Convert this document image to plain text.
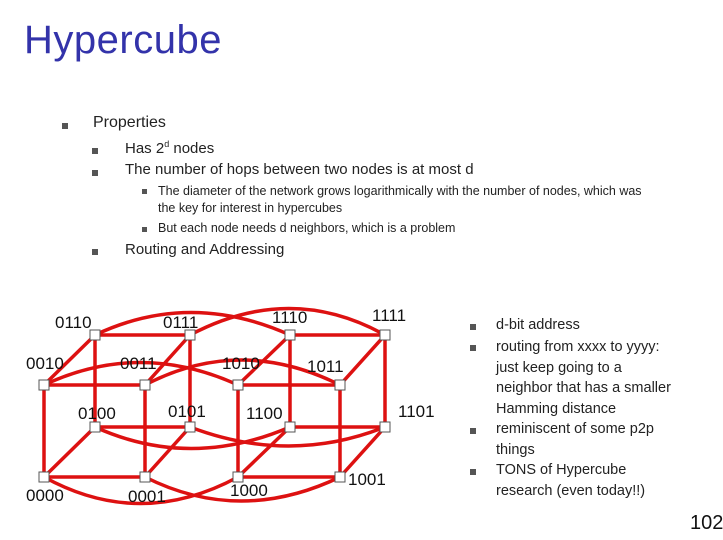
Hypercube
Properties
Has 2$^d$ nodes
The number of hops between two nodes is at most d
The diameter of the network grows logarithmically with the number of nodes, which was
the key for interest in hypercubes
But each node needs d neighbors, which is a problem
Routing and Addressing
0110	0111	1110	1111
0010	0011	1010	1011
0100	0101 1100	1101
0000	0001	1000
1001
d-bit address
routing from xxxx to yyyy:
just keep going to a
neighbor that has a smaller
Hamming distance
reminiscent of some p2p
things
TONS of Hypercube
research (even today!!)
102
